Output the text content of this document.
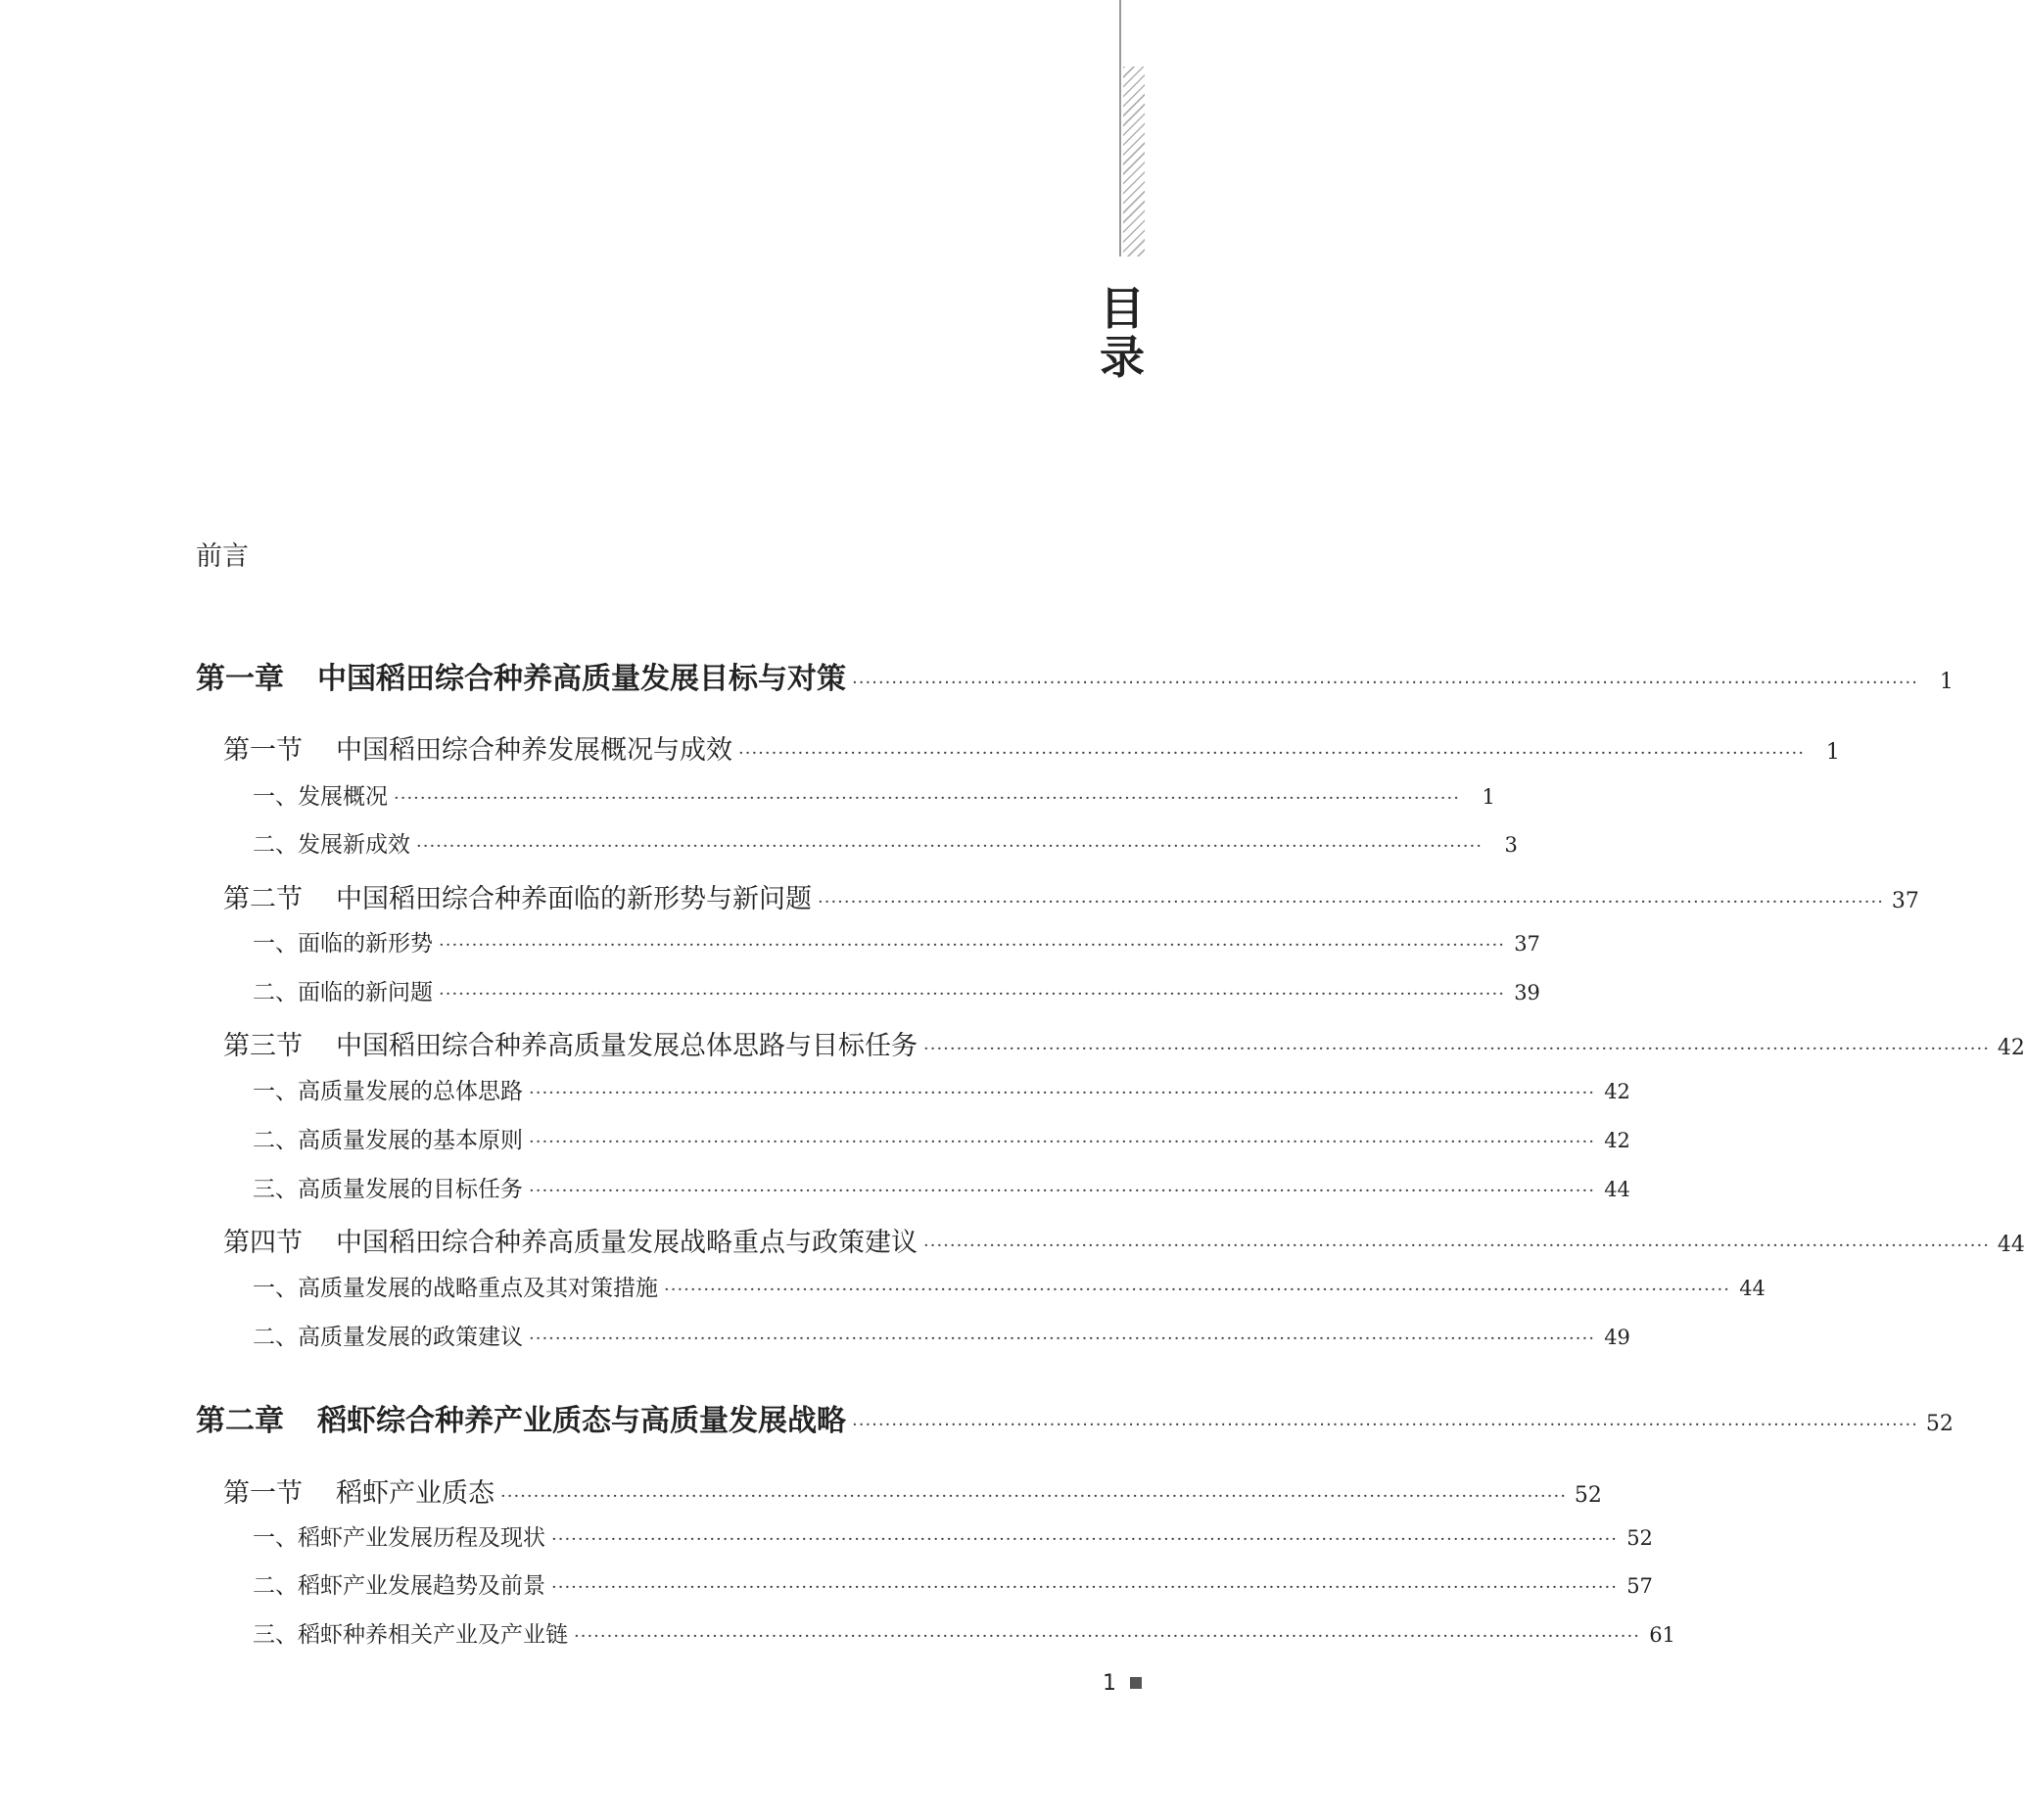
目
录
前言
第一章 中国稻田综合种养高质量发展目标与对策 ··································································································································································	1
第一节 中国稻田综合种养发展概况与成效 ··································································································································································	1
一、发展概况 ··································································································································································	1
二、发展新成效 ··································································································································································	3
第二节 中国稻田综合种养面临的新形势与新问题 ·································································································································································· 37
一、面临的新形势 ·································································································································································· 37
二、面临的新问题 ·································································································································································· 39
第三节 中国稻田综合种养高质量发展总体思路与目标任务 ·································································································································································· 42
一、高质量发展的总体思路 ·································································································································································· 42
二、高质量发展的基本原则 ·································································································································································· 42
三、高质量发展的目标任务 ·································································································································································· 44
第四节 中国稻田综合种养高质量发展战略重点与政策建议 ·································································································································································· 44
一、高质量发展的战略重点及其对策措施 ·································································································································································· 44
二、高质量发展的政策建议 ·································································································································································· 49
第二章 稻虾综合种养产业质态与高质量发展战略 ·································································································································································· 52
第一节 稻虾产业质态 ·································································································································································· 52
一、稻虾产业发展历程及现状 ·································································································································································· 52
二、稻虾产业发展趋势及前景 ·································································································································································· 57
三、稻虾种养相关产业及产业链 ·································································································································································· 61
1
